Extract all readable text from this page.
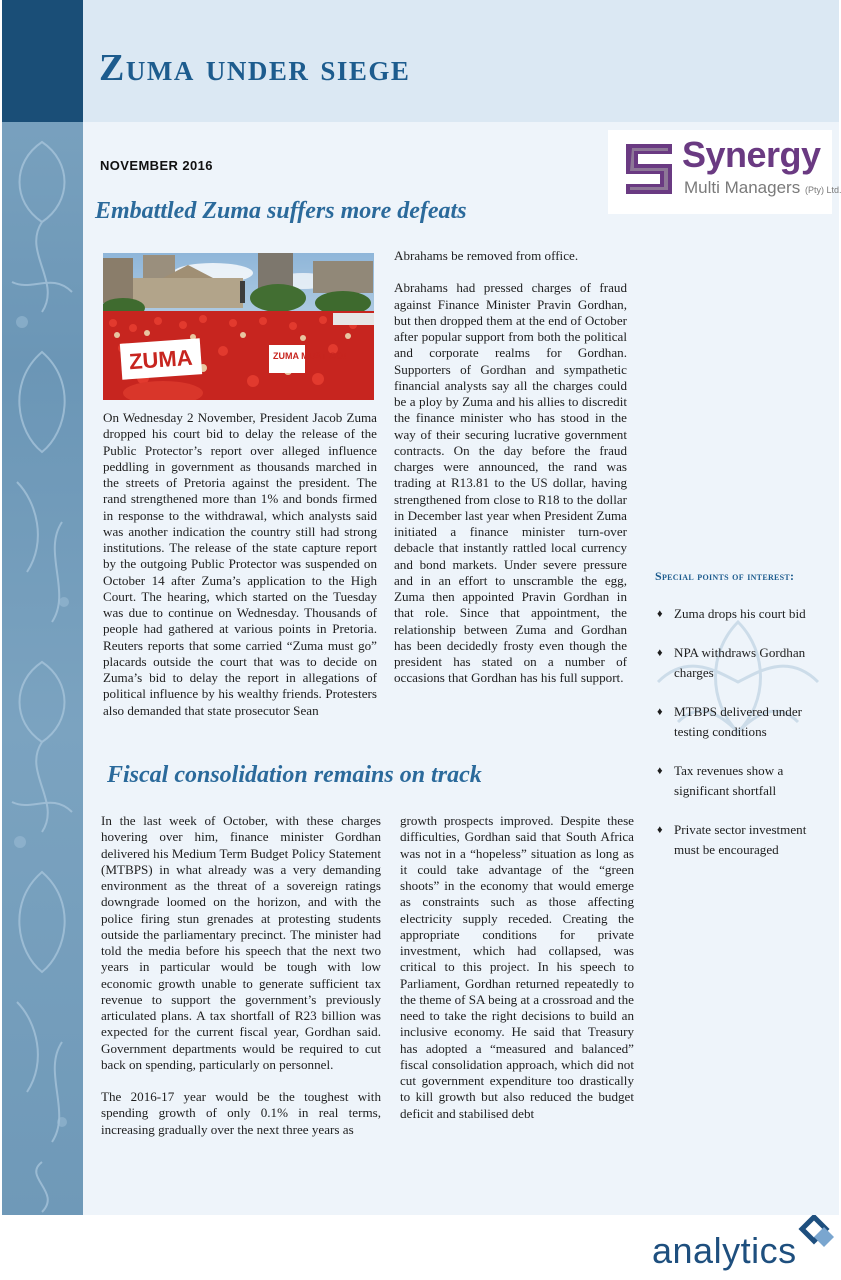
Zuma under siege
NOVEMBER 2016	Synergy
Multi Managers (Pty) Ltd.
Embattled Zuma suffers more defeats
ZUMA	ZUMA MUST GO!

On Wednesday 2 November, President Jacob Zuma dropped his court bid to delay the release of the Public Protector’s report over alleged influence peddling in government as thousands marched in the streets of Pretoria against the president. The rand strengthened more than 1% and bonds firmed in response to the withdrawal, which analysts said was another indication the country still had strong institutions. The release of the state capture report by the outgoing Public Protector was suspended on October 14 after Zuma’s application to the High Court. The hearing, which started on the Tuesday was due to continue on Wednesday. Thousands of people had gathered at various points in Pretoria. Reuters reports that some carried “Zuma must go” placards outside the court that was to decide on Zuma’s bid to delay the report in allegations of political influence by his wealthy friends. Protesters also demanded that state prosecutor Sean

Abrahams be removed from office.

Abrahams had pressed charges of fraud against Finance Minister Pravin Gordhan, but then dropped them at the end of October after popular support from both the political and corporate realms for Gordhan. Supporters of Gordhan and sympathetic financial analysts say all the charges could be a ploy by Zuma and his allies to discredit the finance minister who has stood in the way of their securing lucrative government contracts. On the day before the fraud charges were announced, the rand was trading at R13.81 to the US dollar, having strengthened from close to R18 to the dollar in December last year when President Zuma initiated a finance minister turn-over debacle that instantly rattled local currency and bond markets. Under severe pressure and in an effort to unscramble the egg, Zuma then appointed Pravin Gordhan in that role. Since that appointment, the relationship between Zuma and Gordhan has been decidedly frosty even though the president has stated on a number of occasions that Gordhan has his full support.

Fiscal consolidation remains on track

In the last week of October, with these charges hovering over him, finance minister Gordhan delivered his Medium Term Budget Policy Statement (MTBPS) in what already was a very demanding environment as the threat of a sovereign ratings downgrade loomed on the horizon, and with the police firing stun grenades at protesting students outside the parliamentary precinct. The minister had told the media before his speech that the next two years in particular would be tough with low economic growth unable to generate sufficient tax revenue to support the government’s previously articulated plans. A tax shortfall of R23 billion was expected for the current fiscal year, Gordhan said. Government departments would be required to cut back on spending, particularly on personnel.

The 2016-17 year would be the toughest with spending growth of only 0.1% in real terms, increasing gradually over the next three years as

growth prospects improved. Despite these difficulties, Gordhan said that South Africa was not in a “hopeless” situation as long as it could take advantage of the “green shoots” in the economy that would emerge as constraints such as those affecting electricity supply receded. Creating the appropriate conditions for private investment, which had collapsed, was critical to this project. In his speech to Parliament, Gordhan returned repeatedly to the theme of SA being at a crossroad and the need to take the right decisions to build an inclusive economy. He said that Treasury has adopted a “measured and balanced” fiscal consolidation approach, which did not cut government expenditure too drastically to kill growth but also reduced the budget deficit and stabilised debt

Special points of interest:
♦ Zuma drops his court bid
♦ NPA withdraws Gordhan charges
♦ MTBPS delivered under testing conditions
♦ Tax revenues show a significant shortfall
♦ Private sector investment must be encouraged
analytics
